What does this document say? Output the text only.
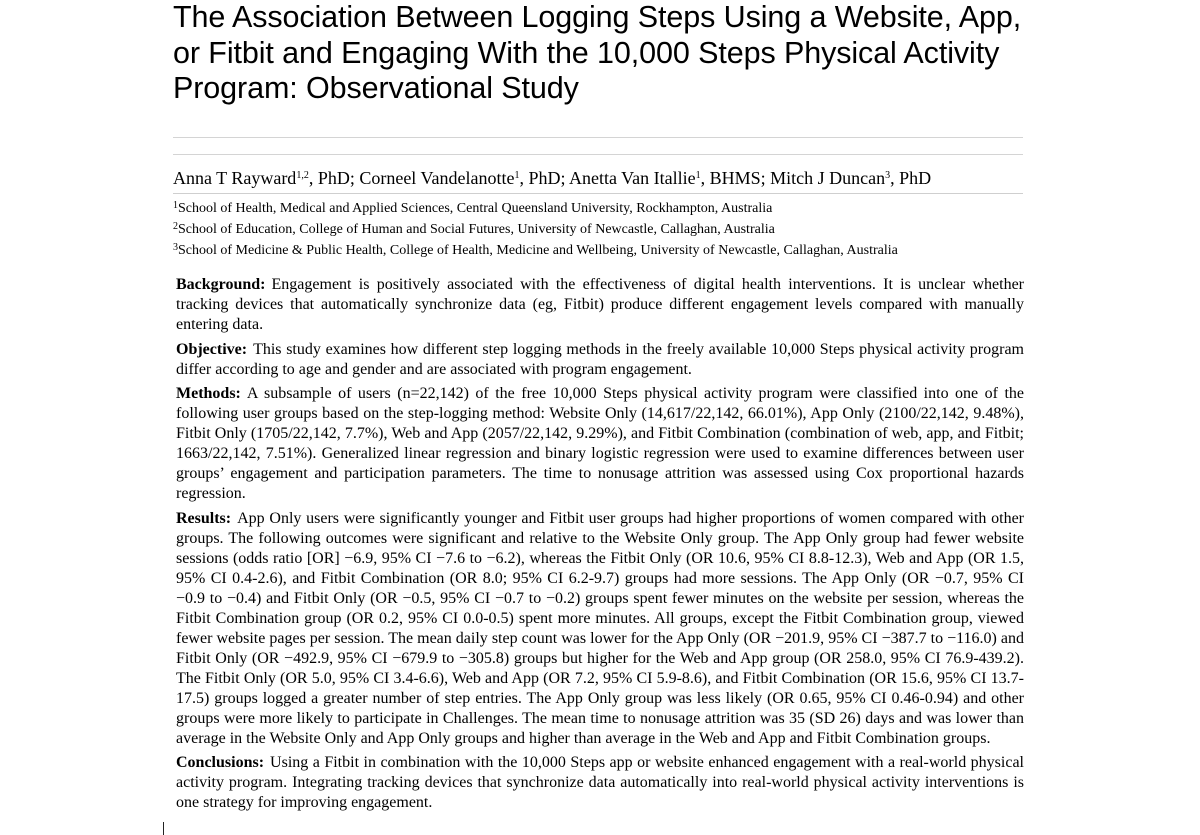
The Association Between Logging Steps Using a Website, App, or Fitbit and Engaging With the 10,000 Steps Physical Activity Program: Observational Study
Anna T Rayward$^{1,2}$, PhD; Corneel Vandelanotte$^1$, PhD; Anetta Van Itallie$^1$, BHMS; Mitch J Duncan$^3$, PhD
$^1$School of Health, Medical and Applied Sciences, Central Queensland University, Rockhampton, Australia
$^2$School of Education, College of Human and Social Futures, University of Newcastle, Callaghan, Australia
$^3$School of Medicine & Public Health, College of Health, Medicine and Wellbeing, University of Newcastle, Callaghan, Australia

Background: Engagement is positively associated with the effectiveness of digital health interventions. It is unclear whether tracking devices that automatically synchronize data (eg, Fitbit) produce different engagement levels compared with manually entering data.

Objective: This study examines how different step logging methods in the freely available 10,000 Steps physical activity program differ according to age and gender and are associated with program engagement.

Methods: A subsample of users (n=22,142) of the free 10,000 Steps physical activity program were classified into one of the following user groups based on the step-logging method: Website Only (14,617/22,142, 66.01%), App Only (2100/22,142, 9.48%), Fitbit Only (1705/22,142, 7.7%), Web and App (2057/22,142, 9.29%), and Fitbit Combination (combination of web, app, and Fitbit; 1663/22,142, 7.51%). Generalized linear regression and binary logistic regression were used to examine differences between user groups’ engagement and participation parameters. The time to nonusage attrition was assessed using Cox proportional hazards regression.

Results: App Only users were significantly younger and Fitbit user groups had higher proportions of women compared with other groups. The following outcomes were significant and relative to the Website Only group. The App Only group had fewer website sessions (odds ratio [OR] −6.9, 95% CI −7.6 to −6.2), whereas the Fitbit Only (OR 10.6, 95% CI 8.8-12.3), Web and App (OR 1.5, 95% CI 0.4-2.6), and Fitbit Combination (OR 8.0; 95% CI 6.2-9.7) groups had more sessions. The App Only (OR −0.7, 95% CI −0.9 to −0.4) and Fitbit Only (OR −0.5, 95% CI −0.7 to −0.2) groups spent fewer minutes on the website per session, whereas the Fitbit Combination group (OR 0.2, 95% CI 0.0-0.5) spent more minutes. All groups, except the Fitbit Combination group, viewed fewer website pages per session. The mean daily step count was lower for the App Only (OR −201.9, 95% CI −387.7 to −116.0) and Fitbit Only (OR −492.9, 95% CI −679.9 to −305.8) groups but higher for the Web and App group (OR 258.0, 95% CI 76.9-439.2). The Fitbit Only (OR 5.0, 95% CI 3.4-6.6), Web and App (OR 7.2, 95% CI 5.9-8.6), and Fitbit Combination (OR 15.6, 95% CI 13.7-17.5) groups logged a greater number of step entries. The App Only group was less likely (OR 0.65, 95% CI 0.46-0.94) and other groups were more likely to participate in Challenges. The mean time to nonusage attrition was 35 (SD 26) days and was lower than average in the Website Only and App Only groups and higher than average in the Web and App and Fitbit Combination groups.

Conclusions: Using a Fitbit in combination with the 10,000 Steps app or website enhanced engagement with a real-world physical activity program. Integrating tracking devices that synchronize data automatically into real-world physical activity interventions is one strategy for improving engagement.
